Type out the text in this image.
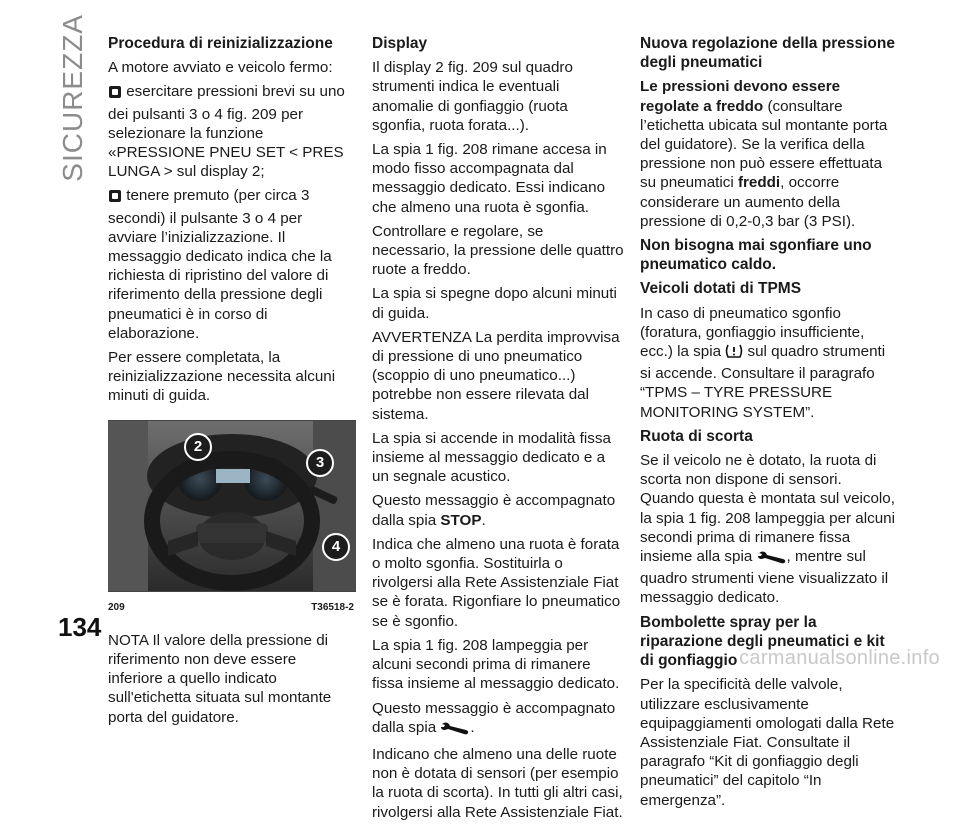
SICUREZZA Procedura di reinizializzazione

A motore avviato e veicolo fermo:

esercitare pressioni brevi su uno dei pulsanti 3 o 4 fig. 209 per selezionare la funzione «PRESSIONE PNEU SET < PRES LUNGA > sul display 2;

tenere premuto (per circa 3 secondi) il pulsante 3 o 4 per avviare l’inizializzazione. Il messaggio dedicato indica che la richiesta di ripristino del valore di riferimento della pressione degli pneumatici è in corso di elaborazione.

Per essere completata, la reinizializzazione necessita alcuni minuti di guida.

2
3
4
209	T36518-2

NOTA Il valore della pressione di riferimento non deve essere inferiore a quello indicato sull'etichetta situata sul montante porta del guidatore.

Display

Il display 2 fig. 209 sul quadro strumenti indica le eventuali anomalie di gonfiaggio (ruota sgonfia, ruota forata...).

La spia 1 fig. 208 rimane accesa in modo fisso accompagnata dal messaggio dedicato. Essi indicano che almeno una ruota è sgonfia.

Controllare e regolare, se necessario, la pressione delle quattro ruote a freddo.

La spia si spegne dopo alcuni minuti di guida.

AVVERTENZA La perdita improvvisa di pressione di uno pneumatico (scoppio di uno pneumatico...) potrebbe non essere rilevata dal sistema.

La spia si accende in modalità fissa insieme al messaggio dedicato e a un segnale acustico.

Questo messaggio è accompagnato dalla spia STOP.

Indica che almeno una ruota è forata o molto sgonfia. Sostituirla o rivolgersi alla Rete Assistenziale Fiat se è forata. Rigonfiare lo pneumatico se è sgonfio.

La spia 1 fig. 208 lampeggia per alcuni secondi prima di rimanere fissa insieme al messaggio dedicato.

Questo messaggio è accompagnato dalla spia .

Indicano che almeno una delle ruote non è dotata di sensori (per esempio la ruota di scorta). In tutti gli altri casi, rivolgersi alla Rete Assistenziale Fiat.

Nuova regolazione della pressione degli pneumatici

Le pressioni devono essere regolate a freddo (consultare l’etichetta ubicata sul montante porta del guidatore). Se la verifica della pressione non può essere effettuata su pneumatici freddi, occorre considerare un aumento della pressione di 0,2-0,3 bar (3 PSI).

Non bisogna mai sgonfiare uno pneumatico caldo.
Veicoli dotati di TPMS

In caso di pneumatico sgonfio (foratura, gonfiaggio insufficiente, ecc.) la spia sul quadro strumenti si accende. Consultare il paragrafo “TPMS – TYRE PRESSURE MONITORING SYSTEM”.

Ruota di scorta

Se il veicolo ne è dotato, la ruota di scorta non dispone di sensori. Quando questa è montata sul veicolo, la spia 1 fig. 208 lampeggia per alcuni secondi prima di rimanere fissa insieme alla spia , mentre sul quadro strumenti viene visualizzato il messaggio dedicato.

Bombolette spray per la riparazione degli pneumatici e kit di gonfiaggio

Per la specificità delle valvole, utilizzare esclusivamente equipaggiamenti omologati dalla Rete Assistenziale Fiat. Consultate il paragrafo “Kit di gonfiaggio degli pneumatici” del capitolo “In emergenza”.

134
carmanualsonline.info
